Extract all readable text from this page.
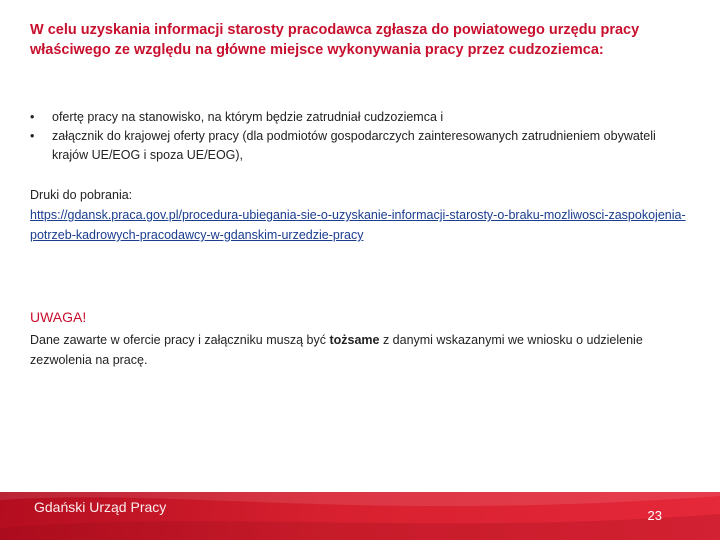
W celu uzyskania informacji starosty pracodawca zgłasza do powiatowego urzędu pracy właściwego ze względu na główne miejsce wykonywania pracy przez cudzoziemca:

• ofertę pracy na stanowisko, na którym będzie zatrudniał cudzoziemca i
• załącznik do krajowej oferty pracy (dla podmiotów gospodarczych zainteresowanych zatrudnieniem obywateli krajów UE/EOG i spoza UE/EOG),
Druki do pobrania:
https://gdansk.praca.gov.pl/procedura-ubiegania-sie-o-uzyskanie-informacji-starosty-o-braku-mozliwosci-zaspokojenia-potrzeb-kadrowych-pracodawcy-w-gdanskim-urzedzie-pracy
UWAGA!

Dane zawarte w ofercie pracy i załączniku muszą być tożsame z danymi wskazanymi we wniosku o udzielenie zezwolenia na pracę.

Gdański Urząd Pracy
23
